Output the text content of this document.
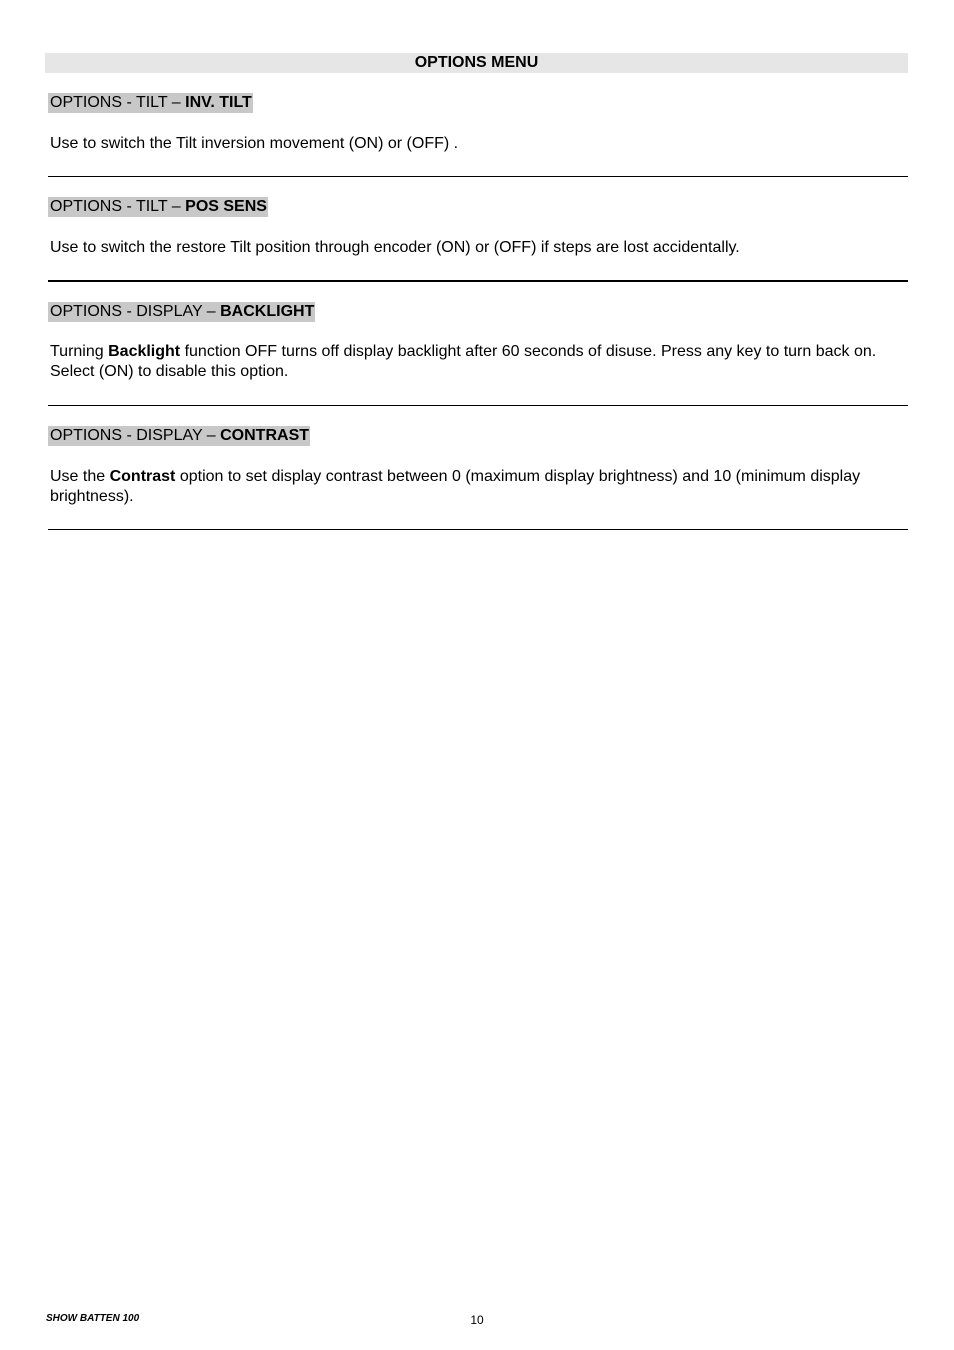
OPTIONS MENU
OPTIONS - TILT – INV. TILT

Use to switch the Tilt inversion movement (ON) or (OFF) .

OPTIONS - TILT – POS SENS

Use to switch the restore Tilt position through encoder (ON) or (OFF) if steps are lost accidentally.

OPTIONS - DISPLAY – BACKLIGHT

Turning Backlight function OFF turns off display backlight after 60 seconds of disuse. Press any key to turn back on. Select (ON) to disable this option.

OPTIONS - DISPLAY – CONTRAST

Use the Contrast option to set display contrast between 0 (maximum display brightness) and 10 (minimum display brightness).

SHOW BATTEN 100	10
